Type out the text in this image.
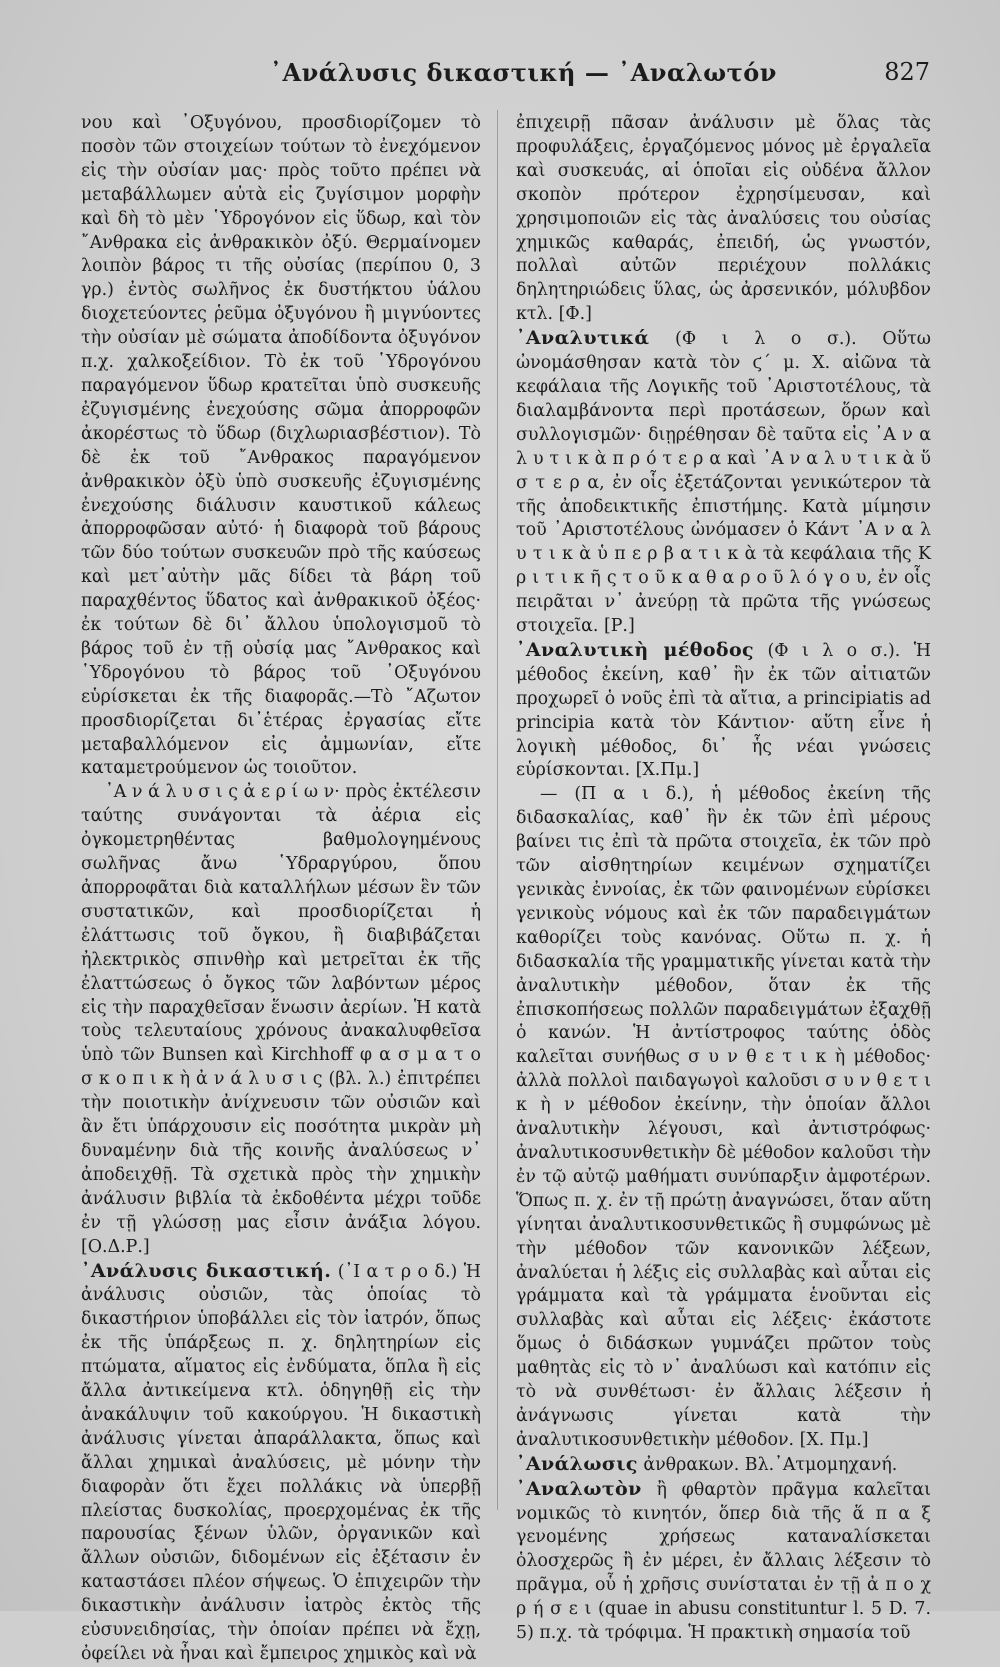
᾿Ανάλυσις δικαστική — ᾿Αναλωτόν	827

νου καὶ ᾿Οξυγόνου, προσδιορίζομεν τὸ ποσὸν τῶν στοιχείων τούτων τὸ ἐνεχόμενον εἰς τὴν οὐσίαν μας· πρὸς τοῦτο πρέπει νὰ μεταβάλλωμεν αὐτὰ εἰς ζυγίσιμον μορφὴν καὶ δὴ τὸ μὲν ῾Υδρογόνον εἰς ὕδωρ, καὶ τὸν ῎Ανθρακα εἰς ἀνθρακικὸν ὀξύ. Θερμαίνομεν λοιπὸν βάρος τι τῆς οὐσίας (περίπου 0, 3 γρ.) ἐντὸς σωλῆνος ἐκ δυστήκτου ὑάλου διοχετεύοντες ῥεῦμα ὀξυγόνου ἢ μιγνύοντες τὴν οὐσίαν μὲ σώματα ἀποδίδοντα ὀξυγόνον π.χ. χαλκοξείδιον. Τὸ ἐκ τοῦ ῾Υδρογόνου παραγόμενον ὕδωρ κρατεῖται ὑπὸ συσκευῆς ἐζυγισμένης ἐνεχούσης σῶμα ἀπορροφῶν ἀκορέστως τὸ ὕδωρ (διχλωριασβέστιον). Τὸ δὲ ἐκ τοῦ ῎Ανθρακος παραγόμενον ἀνθρακικὸν ὀξὺ ὑπὸ συσκευῆς ἐζυγισμένης ἐνεχούσης διάλυσιν καυστικοῦ κάλεως ἀπορροφῶσαν αὐτό· ἡ διαφορὰ τοῦ βάρους τῶν δύο τούτων συσκευῶν πρὸ τῆς καύσεως καὶ μετ᾿αὐτὴν μᾶς δίδει τὰ βάρη τοῦ παραχθέντος ὕδατος καὶ ἀνθρακικοῦ ὀξέος· ἐκ τούτων δὲ δι᾿ ἄλλου ὑπολογισμοῦ τὸ βάρος τοῦ ἐν τῇ οὐσίᾳ μας ῎Ανθρακος καὶ ῾Υδρογόνου τὸ βάρος τοῦ ᾿Οξυγόνου εὑρίσκεται ἐκ τῆς διαφορᾶς.—Τὸ ῎Αζωτον προσδιορίζεται δι᾿ἑτέρας ἐργασίας εἴτε μεταβαλλόμενον εἰς ἀμμωνίαν, εἴτε καταμετρούμενον ὡς τοιοῦτον.

᾿Α ν ά λ υ σ ι ς ἀ ε ρ ί ω ν· πρὸς ἐκτέλεσιν ταύτης συνάγονται τὰ ἀέρια εἰς ὀγκομετρηθέντας βαθμολογημένους σωλῆνας ἄνω ῾Υδραργύρου, ὅπου ἀπορροφᾶται διὰ καταλλήλων μέσων ἓν τῶν συστατικῶν, καὶ προσδιορίζεται ἡ ἐλάττωσις τοῦ ὄγκου, ἢ διαβιβάζεται ἠλεκτρικὸς σπινθὴρ καὶ μετρεῖται ἐκ τῆς ἐλαττώσεως ὁ ὄγκος τῶν λαβόντων μέρος εἰς τὴν παραχθεῖσαν ἕνωσιν ἀερίων. Ἡ κατὰ τοὺς τελευταίους χρόνους ἀνακαλυφθεῖσα ὑπὸ τῶν Bunsen καὶ Kirchhoff φ α σ μ α τ ο σ κ ο π ι κ ὴ ἀ ν ά λ υ σ ι ς (βλ. λ.) ἐπιτρέπει τὴν ποιοτικὴν ἀνίχνευσιν τῶν οὐσιῶν καὶ ἂν ἔτι ὑπάρχουσιν εἰς ποσότητα μικρὰν μὴ δυναμένην διὰ τῆς κοινῆς ἀναλύσεως ν᾿ ἀποδειχθῇ. Τὰ σχετικὰ πρὸς τὴν χημικὴν ἀνάλυσιν βιβλία τὰ ἐκδοθέντα μέχρι τοῦδε ἐν τῇ γλώσσῃ μας εἶσιν ἀνάξια λόγου. [Ο.Δ.Ρ.]

᾿Ανάλυσις δικαστική. (᾿Ι α τ ρ ο δ.) Ἡ ἀνάλυσις οὐσιῶν, τὰς ὁποίας τὸ δικαστήριον ὑποβάλλει εἰς τὸν ἰατρόν, ὅπως ἐκ τῆς ὑπάρξεως π. χ. δηλητηρίων εἰς πτώματα, αἵματος εἰς ἐνδύματα, ὅπλα ἢ εἰς ἄλλα ἀντικείμενα κτλ. ὁδηγηθῇ εἰς τὴν ἀνακάλυψιν τοῦ κακούργου. Ἡ δικαστικὴ ἀνάλυσις γίνεται ἀπαράλλακτα, ὅπως καὶ ἄλλαι χημικαὶ ἀναλύσεις, μὲ μόνην τὴν διαφορὰν ὅτι ἔχει πολλάκις νὰ ὑπερβῇ πλείστας δυσκολίας, προερχομένας ἐκ τῆς παρουσίας ξένων ὑλῶν, ὀργανικῶν καὶ ἄλλων οὐσιῶν, διδομένων εἰς ἐξέτασιν ἐν καταστάσει πλέον σήψεως. Ὁ ἐπιχειρῶν τὴν δικαστικὴν ἀνάλυσιν ἰατρὸς ἐκτὸς τῆς εὐσυνειδησίας, τὴν ὁποίαν πρέπει νὰ ἔχῃ, ὀφείλει νὰ ἦναι καὶ ἔμπειρος χημικὸς καὶ νὰ

ἐπιχειρῇ πᾶσαν ἀνάλυσιν μὲ ὅλας τὰς προφυλάξεις, ἐργαζόμενος μόνος μὲ ἐργαλεῖα καὶ συσκευάς, αἱ ὁποῖαι εἰς οὐδένα ἄλλον σκοπὸν πρότερον ἐχρησίμευσαν, καὶ χρησιμοποιῶν εἰς τὰς ἀναλύσεις του οὐσίας χημικῶς καθαράς, ἐπειδή, ὡς γνωστόν, πολλαὶ αὐτῶν περιέχουν πολλάκις δηλητηριώδεις ὕλας, ὡς ἀρσενικόν, μόλυβδον κτλ. [Φ.]

᾿Αναλυτικά (Φ ι λ ο σ.). Οὕτω ὠνομάσθησαν κατὰ τὸν ϛ´ μ. Χ. αἰῶνα τὰ κεφάλαια τῆς Λογικῆς τοῦ ᾿Αριστοτέλους, τὰ διαλαμβάνοντα περὶ προτάσεων, ὅρων καὶ συλλογισμῶν· διῃρέθησαν δὲ ταῦτα εἰς ᾿Α ν α λ υ τ ι κ ὰ π ρ ό τ ε ρ α καὶ ᾿Α ν α λ υ τ ι κ ὰ ὕ σ τ ε ρ α, ἐν οἷς ἐξετάζονται γενικώτερον τὰ τῆς ἀποδεικτικῆς ἐπιστήμης. Κατὰ μίμησιν τοῦ ᾿Αριστοτέλους ὠνόμασεν ὁ Κάντ ᾿Α ν α λ υ τ ι κ ὰ ὑ π ε ρ β α τ ι κ ὰ τὰ κεφάλαια τῆς Κ ρ ι τ ι κ ῆ ς τ ο ῦ κ α θ α ρ ο ῦ λ ό γ ο υ, ἐν οἷς πειρᾶται ν᾿ ἀνεύρῃ τὰ πρῶτα τῆς γνώσεως στοιχεῖα. [Ρ.]

᾿Αναλυτικὴ μέθοδος (Φ ι λ ο σ.). Ἡ μέθοδος ἐκείνη, καθ᾿ ἣν ἐκ τῶν αἰτιατῶν προχωρεῖ ὁ νοῦς ἐπὶ τὰ αἴτια, a principiatis ad principia κατὰ τὸν Κάντιον· αὕτη εἶνε ἡ λογικὴ μέθοδος, δι᾿ ἧς νέαι γνώσεις εὑρίσκονται. [Χ.Πμ.]

— (Π α ι δ.), ἡ μέθοδος ἐκείνη τῆς διδασκαλίας, καθ᾿ ἣν ἐκ τῶν ἐπὶ μέρους βαίνει τις ἐπὶ τὰ πρῶτα στοιχεῖα, ἐκ τῶν πρὸ τῶν αἰσθητηρίων κειμένων σχηματίζει γενικὰς ἐννοίας, ἐκ τῶν φαινομένων εὑρίσκει γενικοὺς νόμους καὶ ἐκ τῶν παραδειγμάτων καθορίζει τοὺς κανόνας. Οὕτω π. χ. ἡ διδασκαλία τῆς γραμματικῆς γίνεται κατὰ τὴν ἀναλυτικὴν μέθοδον, ὅταν ἐκ τῆς ἐπισκοπήσεως πολλῶν παραδειγμάτων ἐξαχθῇ ὁ κανών. Ἡ ἀντίστροφος ταύτης ὁδὸς καλεῖται συνήθως σ υ ν θ ε τ ι κ ὴ μέθοδος· ἀλλὰ πολλοὶ παιδαγωγοὶ καλοῦσι σ υ ν θ ε τ ι κ ὴ ν μέθοδον ἐκείνην, τὴν ὁποίαν ἄλλοι ἀναλυτικὴν λέγουσι, καὶ ἀντιστρόφως· ἀναλυτικοσυνθετικὴν δὲ μέθοδον καλοῦσι τὴν ἐν τῷ αὐτῷ μαθήματι συνύπαρξιν ἀμφοτέρων. Ὅπως π. χ. ἐν τῇ πρώτῃ ἀναγνώσει, ὅταν αὕτη γίνηται ἀναλυτικοσυνθετικῶς ἢ συμφώνως μὲ τὴν μέθοδον τῶν κανονικῶν λέξεων, ἀναλύεται ἡ λέξις εἰς συλλαβὰς καὶ αὗται εἰς γράμματα καὶ τὰ γράμματα ἑνοῦνται εἰς συλλαβὰς καὶ αὗται εἰς λέξεις· ἐκάστοτε ὅμως ὁ διδάσκων γυμνάζει πρῶτον τοὺς μαθητὰς εἰς τὸ ν᾿ ἀναλύωσι καὶ κατόπιν εἰς τὸ νὰ συνθέτωσι· ἐν ἄλλαις λέξεσιν ἡ ἀνάγνωσις γίνεται κατὰ τὴν ἀναλυτικοσυνθετικὴν μέθοδον. [Χ. Πμ.]

᾿Ανάλωσις ἀνθρακων. Βλ.᾿Ατμομηχανή.

᾿Αναλωτὸν ἢ φθαρτὸν πρᾶγμα καλεῖται νομικῶς τὸ κινητόν, ὅπερ διὰ τῆς ἅ π α ξ γενομένης χρήσεως καταναλίσκεται ὁλοσχερῶς ἢ ἐν μέρει, ἐν ἄλλαις λέξεσιν τὸ πρᾶγμα, οὗ ἡ χρῆσις συνίσταται ἐν τῇ ἀ π ο χ ρ ή σ ε ι (quae in abusu constituntur l. 5 D. 7. 5) π.χ. τὰ τρόφιμα. Ἡ πρακτικὴ σημασία τοῦ
